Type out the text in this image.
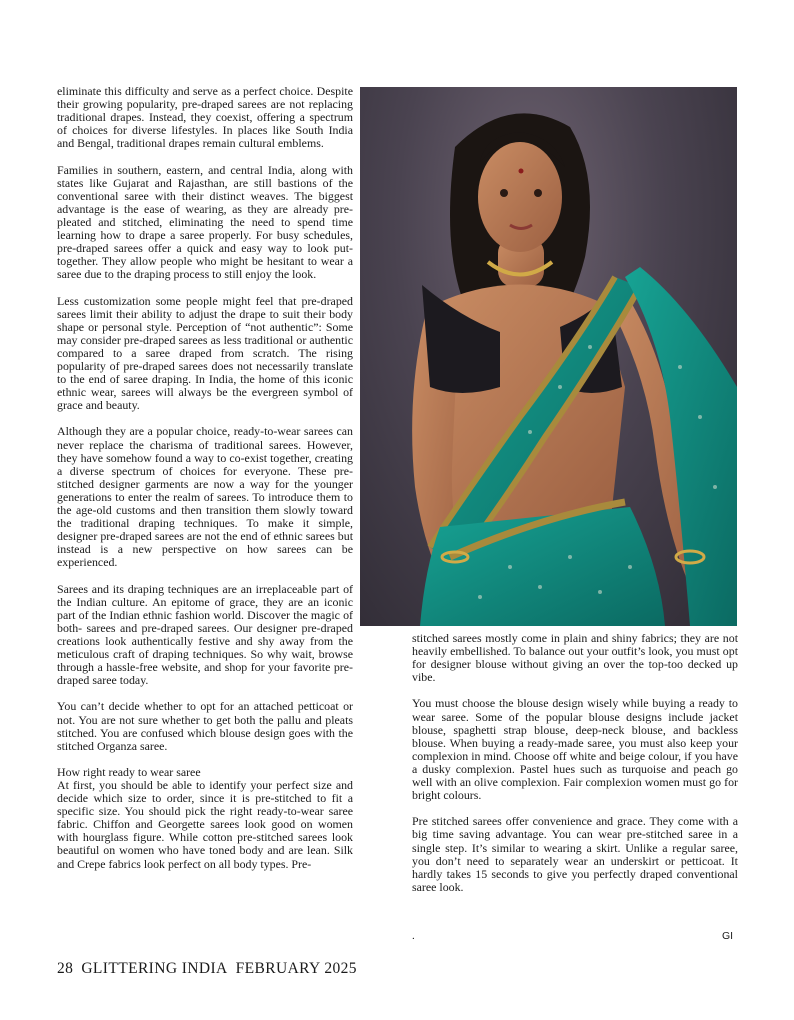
eliminate this difficulty and serve as a perfect choice. Despite their growing popularity, pre-draped sarees are not replacing traditional drapes. Instead, they coexist, offering a spectrum of choices for diverse lifestyles. In places like South India and Bengal, traditional drapes remain cultural emblems.

Families in southern, eastern, and central India, along with states like Gujarat and Rajasthan, are still bastions of the conventional saree with their distinct weaves. The biggest advantage is the ease of wearing, as they are already pre-pleated and stitched, eliminating the need to spend time learning how to drape a saree properly. For busy schedules, pre-draped sarees offer a quick and easy way to look put-together. They allow people who might be hesitant to wear a saree due to the draping process to still enjoy the look.

Less customization some people might feel that pre-draped sarees limit their ability to adjust the drape to suit their body shape or personal style. Perception of “not authentic”: Some may consider pre-draped sarees as less traditional or authentic compared to a saree draped from scratch. The rising popularity of pre-draped sarees does not necessarily translate to the end of saree draping. In India, the home of this iconic ethnic wear, sarees will always be the evergreen symbol of grace and beauty.

Although they are a popular choice, ready-to-wear sarees can never replace the charisma of traditional sarees. However, they have somehow found a way to co-exist together, creating a diverse spectrum of choices for everyone. These pre-stitched designer garments are now a way for the younger generations to enter the realm of sarees. To introduce them to the age-old customs and then transition them slowly toward the traditional draping techniques. To make it simple, designer pre-draped sarees are not the end of ethnic sarees but instead is a new perspective on how sarees can be experienced.

Sarees and its draping techniques are an irreplaceable part of the Indian culture. An epitome of grace, they are an iconic part of the Indian ethnic fashion world. Discover the magic of both- sarees and pre-draped sarees. Our designer pre-draped creations look authentically festive and shy away from the meticulous craft of draping techniques. So why wait, browse through a hassle-free website, and shop for your favorite pre-draped saree today.

You can’t decide whether to opt for an attached petticoat or not. You are not sure whether to get both the pallu and pleats stitched. You are confused which blouse design goes with the stitched Organza saree.

How right ready to wear saree

At first, you should be able to identify your perfect size and decide which size to order, since it is pre-stitched to fit a specific size. You should pick the right ready-to-wear saree fabric. Chiffon and Georgette sarees look good on women with hourglass figure. While cotton pre-stitched sarees look beautiful on women who have toned body and are lean. Silk and Crepe fabrics look perfect on all body types. Pre-

stitched sarees mostly come in plain and shiny fabrics; they are not heavily embellished. To balance out your outfit’s look, you must opt for designer blouse without giving an over the top-too decked up vibe.

You must choose the blouse design wisely while buying a ready to wear saree. Some of the popular blouse designs include jacket blouse, spaghetti strap blouse, deep-neck blouse, and backless blouse. When buying a ready-made saree, you must also keep your complexion in mind. Choose off white and beige colour, if you have a dusky complexion. Pastel hues such as turquoise and peach go well with an olive complexion. Fair complexion women must go for bright colours.

Pre stitched sarees offer convenience and grace. They come with a big time saving advantage. You can wear pre-stitched saree in a single step. It’s similar to wearing a skirt. Unlike a regular saree, you don’t need to separately wear an underskirt or petticoat. It hardly takes 15 seconds to give you perfectly draped conventional saree look.

.	GI
28 GLITTERING INDIA FEBRUARY 2025
